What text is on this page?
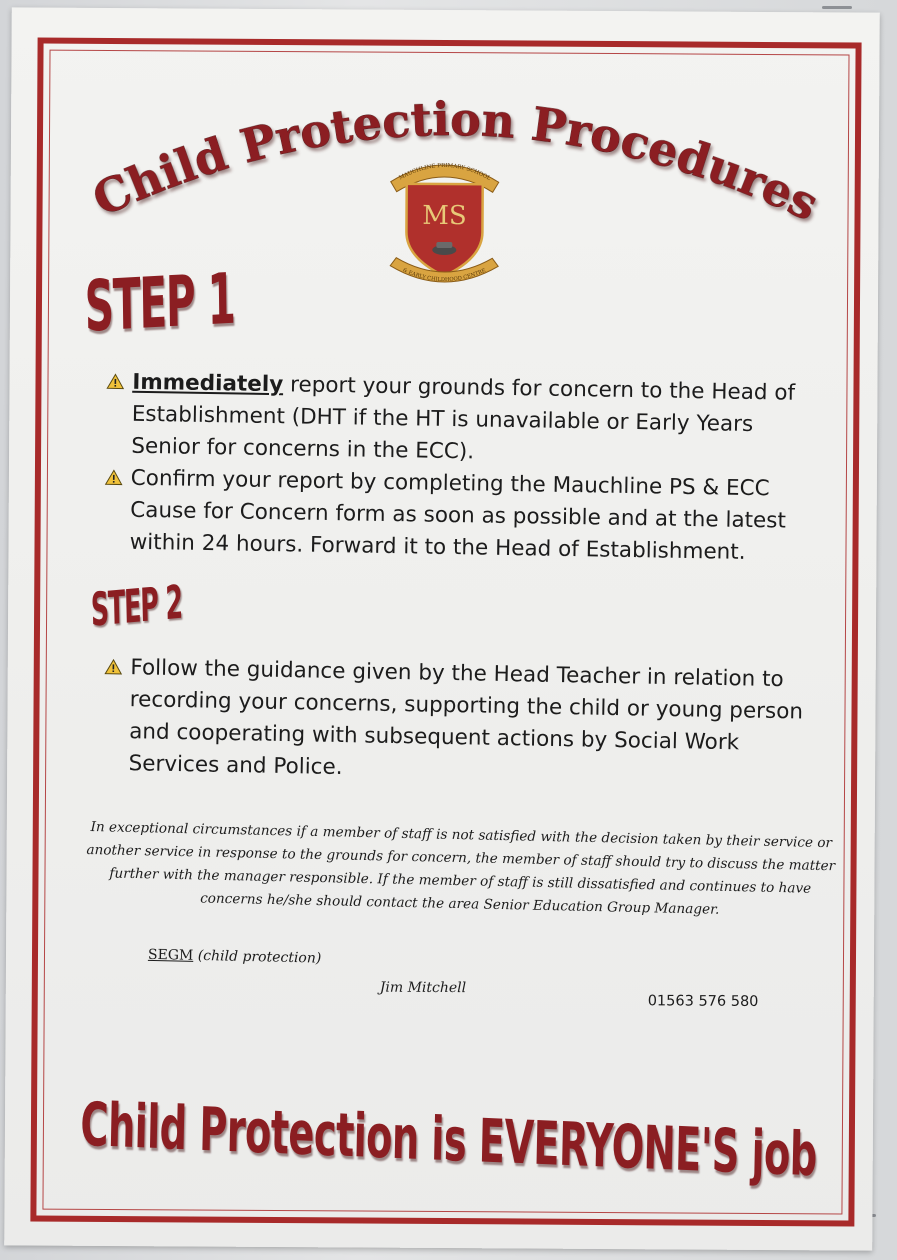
Child Protection Procedures
MAUCHLINE PRIMARY SCHOOL
MS
& EARLY CHILDHOOD CENTRE
STEP 1
Immediately report your grounds for concern to the Head of Establishment (DHT if the HT is unavailable or Early Years Senior for concerns in the ECC).
Confirm your report by completing the Mauchline PS & ECC Cause for Concern form as soon as possible and at the latest within 24 hours. Forward it to the Head of Establishment.
STEP 2
Follow the guidance given by the Head Teacher in relation to recording your concerns, supporting the child or young person and cooperating with subsequent actions by Social Work Services and Police.
In exceptional circumstances if a member of staff is not satisfied with the decision taken by their service or another service in response to the grounds for concern, the member of staff should try to discuss the matter further with the manager responsible. If the member of staff is still dissatisfied and continues to have concerns he/she should contact the area Senior Education Group Manager.
SEGM (child protection)
Jim Mitchell
01563 576 580
Child Protection is EVERYONE'S job
